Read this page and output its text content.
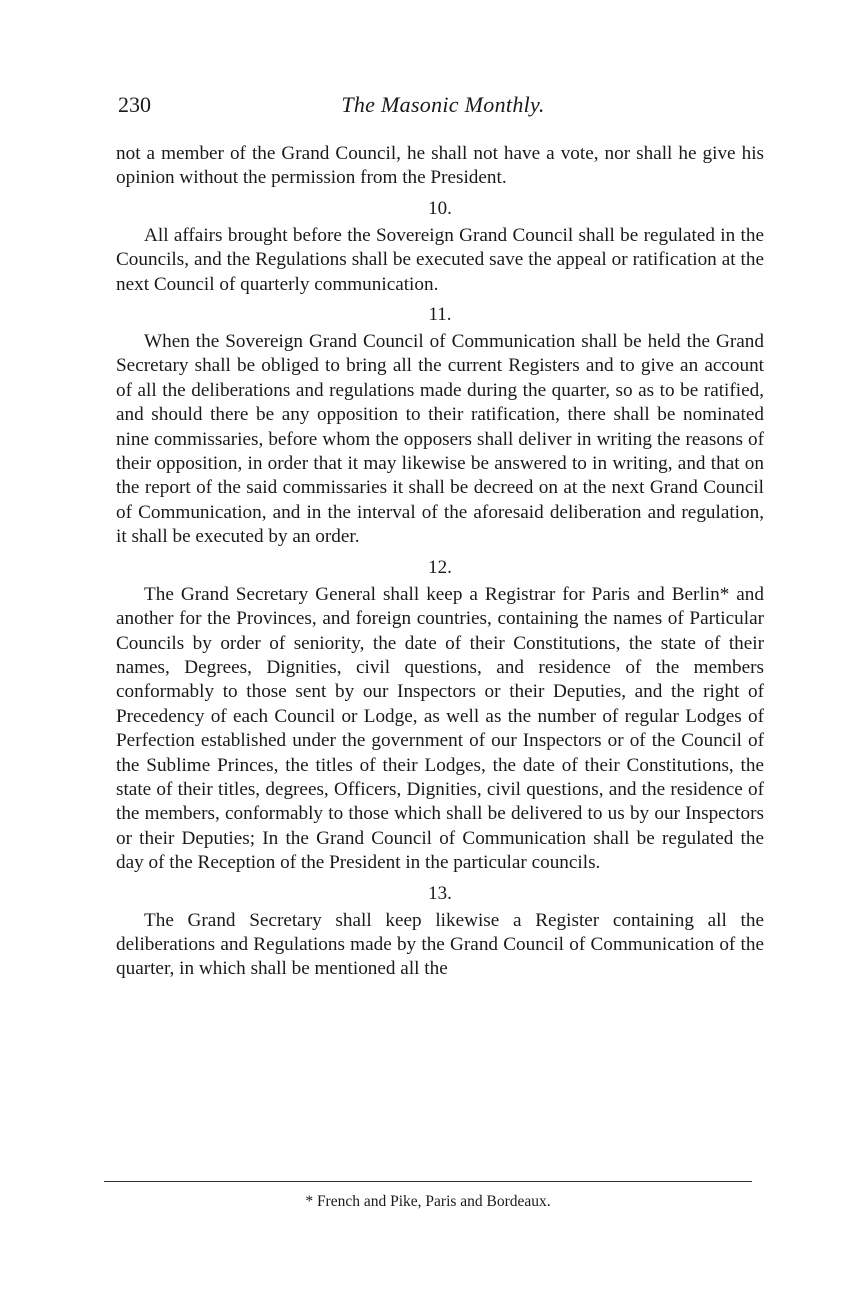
230	The Masonic Monthly.

not a member of the Grand Council, he shall not have a vote, nor shall he give his opinion without the permission from the President.

10.

All affairs brought before the Sovereign Grand Council shall be regulated in the Councils, and the Regulations shall be executed save the appeal or ratification at the next Council of quarterly communication.

11.

When the Sovereign Grand Council of Communication shall be held the Grand Secretary shall be obliged to bring all the current Registers and to give an account of all the deliberations and regulations made during the quarter, so as to be ratified, and should there be any opposition to their ratification, there shall be nominated nine commissaries, before whom the opposers shall deliver in writing the reasons of their opposition, in order that it may likewise be answered to in writing, and that on the report of the said commissaries it shall be decreed on at the next Grand Council of Communication, and in the interval of the aforesaid deliberation and regulation, it shall be executed by an order.

12.

The Grand Secretary General shall keep a Registrar for Paris and Berlin* and another for the Provinces, and foreign countries, containing the names of Particular Councils by order of seniority, the date of their Constitutions, the state of their names, Degrees, Dignities, civil questions, and residence of the members conformably to those sent by our Inspectors or their Deputies, and the right of Precedency of each Council or Lodge, as well as the number of regular Lodges of Perfection established under the government of our Inspectors or of the Council of the Sublime Princes, the titles of their Lodges, the date of their Constitutions, the state of their titles, degrees, Officers, Dignities, civil questions, and the residence of the members, conformably to those which shall be delivered to us by our Inspectors or their Deputies; In the Grand Council of Communication shall be regulated the day of the Reception of the President in the particular councils.

13.

The Grand Secretary shall keep likewise a Register containing all the deliberations and Regulations made by the Grand Council of Communication of the quarter, in which shall be mentioned all the

* French and Pike, Paris and Bordeaux.
